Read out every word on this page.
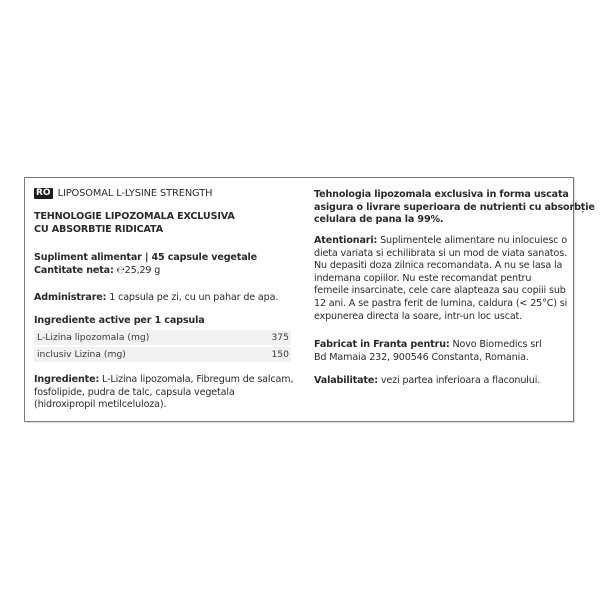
RO LIPOSOMAL L-LYSINE STRENGTH
TEHNOLOGIE LIPOZOMALA EXCLUSIVA
CU ABSORBTIE RIDICATA
Supliment alimentar | 45 capsule vegetale
Cantitate neta: ℮25,29 g
Administrare: 1 capsula pe zi, cu un pahar de apa.
Ingrediente active per 1 capsula
L-Lizina lipozomala (mg)	375
inclusiv Lizina (mg)	150
Ingrediente: L-Lizina lipozomala, Fibregum de salcam,
fosfolipide, pudra de talc, capsula vegetala
(hidroxipropil metilceluloza).
Tehnologia lipozomala exclusiva in forma uscata
asigura o livrare superioara de nutrienti cu absorbție
celulara de pana la 99%.
Atentionari: Suplimentele alimentare nu inlocuiesc o
dieta variata si echilibrata si un mod de viata sanatos.
Nu depasiti doza zilnica recomandata. A nu se lasa la
indemana copiilor. Nu este recomandat pentru
femeile insarcinate, cele care alapteaza sau copiii sub
12 ani. A se pastra ferit de lumina, caldura (< 25°C) si
expunerea directa la soare, intr-un loc uscat.
Fabricat in Franta pentru: Novo Biomedics srl
Bd Mamaia 232, 900546 Constanta, Romania.
Valabilitate: vezi partea inferioara a flaconului.
